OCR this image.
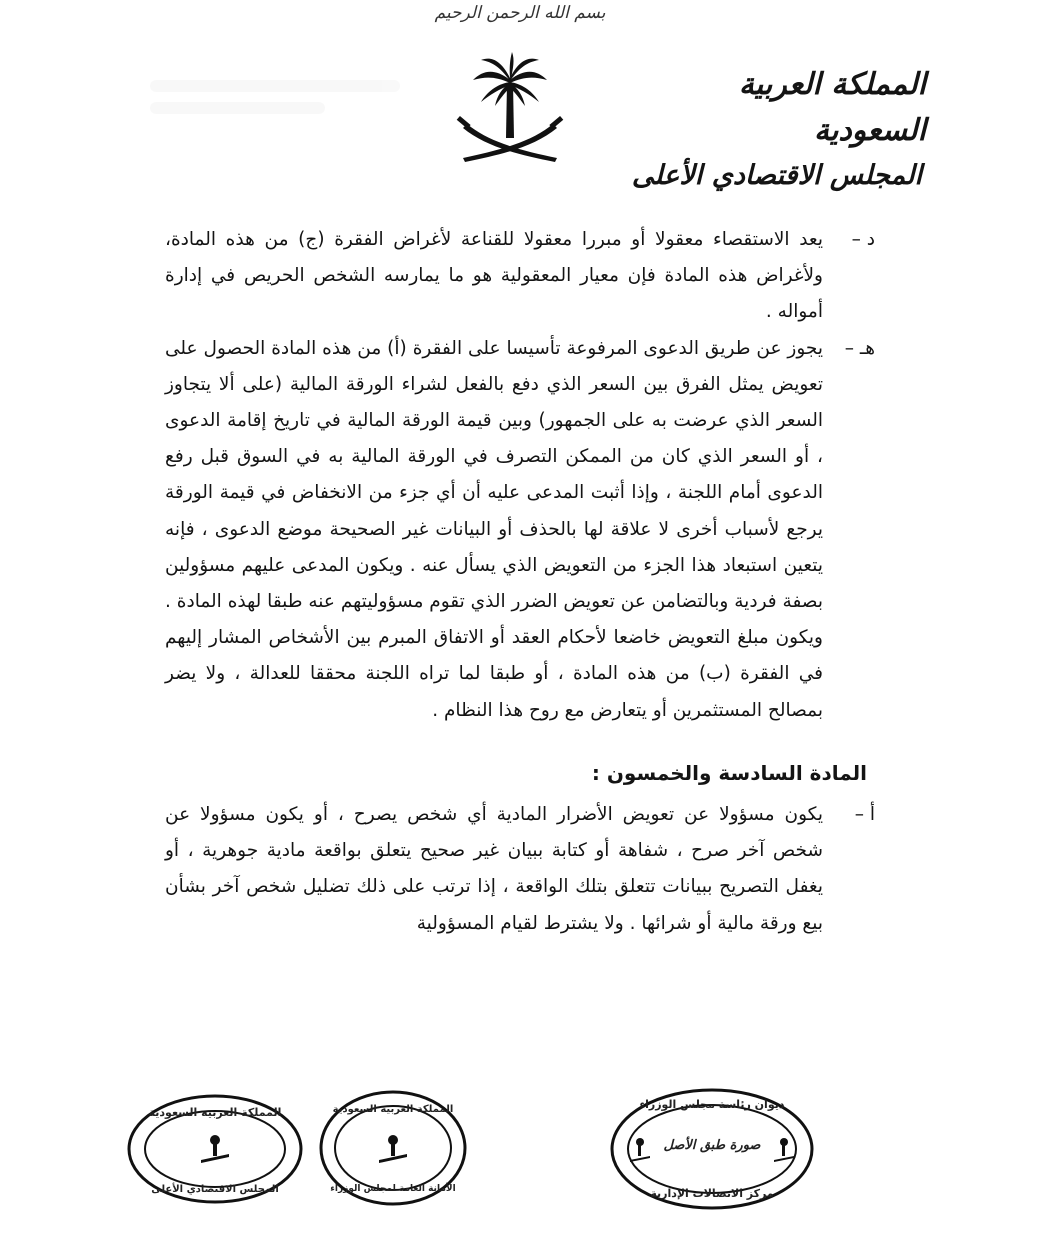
بسم الله الرحمن الرحيم
المملكة العربية السعودية
المجلس الاقتصادي الأعلى
د –
يعد الاستقصاء معقولا أو مبررا معقولا للقناعة لأغراض الفقرة (ج) من هذه المادة، ولأغراض هذه المادة فإن معيار المعقولية هو ما يمارسه الشخص الحريص في إدارة أمواله .
هـ –
يجوز عن طريق الدعوى المرفوعة تأسيسا على الفقرة (أ) من هذه المادة الحصول على تعويض يمثل الفرق بين السعر الذي دفع بالفعل لشراء الورقة المالية (على ألا يتجاوز السعر الذي عرضت به على الجمهور) وبين قيمة الورقة المالية في تاريخ إقامة الدعوى ، أو السعر الذي كان من الممكن التصرف في الورقة المالية به في السوق قبل رفع الدعوى أمام اللجنة ، وإذا أثبت المدعى عليه أن أي جزء من الانخفاض في قيمة الورقة يرجع لأسباب أخرى لا علاقة لها بالحذف أو البيانات غير الصحيحة موضع الدعوى ، فإنه يتعين استبعاد هذا الجزء من التعويض الذي يسأل عنه . ويكون المدعى عليهم مسؤولين بصفة فردية وبالتضامن عن تعويض الضرر الذي تقوم مسؤوليتهم عنه طبقا لهذه المادة . ويكون مبلغ التعويض خاضعا لأحكام العقد أو الاتفاق المبرم بين الأشخاص المشار إليهم في الفقرة (ب) من هذه المادة ، أو طبقا لما تراه اللجنة محققا للعدالة ، ولا يضر بمصالح المستثمرين أو يتعارض مع روح هذا النظام .
المادة السادسة والخمسون :
أ –
يكون مسؤولا عن تعويض الأضرار المادية أي شخص يصرح ، أو يكون مسؤولا عن شخص آخر صرح ، شفاهة أو كتابة ببيان غير صحيح يتعلق بواقعة مادية جوهرية ، أو يغفل التصريح ببيانات تتعلق بتلك الواقعة ، إذا ترتب على ذلك تضليل شخص آخر بشأن بيع ورقة مالية أو شرائها . ولا يشترط لقيام المسؤولية
المملكة العربية السعودية
المجلس الاقتصادي الأعلى
المملكة العربية السعودية
الأمانة العامة لمجلس الوزراء
ديوان رئاسة مجلس الوزراء
صورة طبق الأصل
مركز الاتصالات الإدارية
